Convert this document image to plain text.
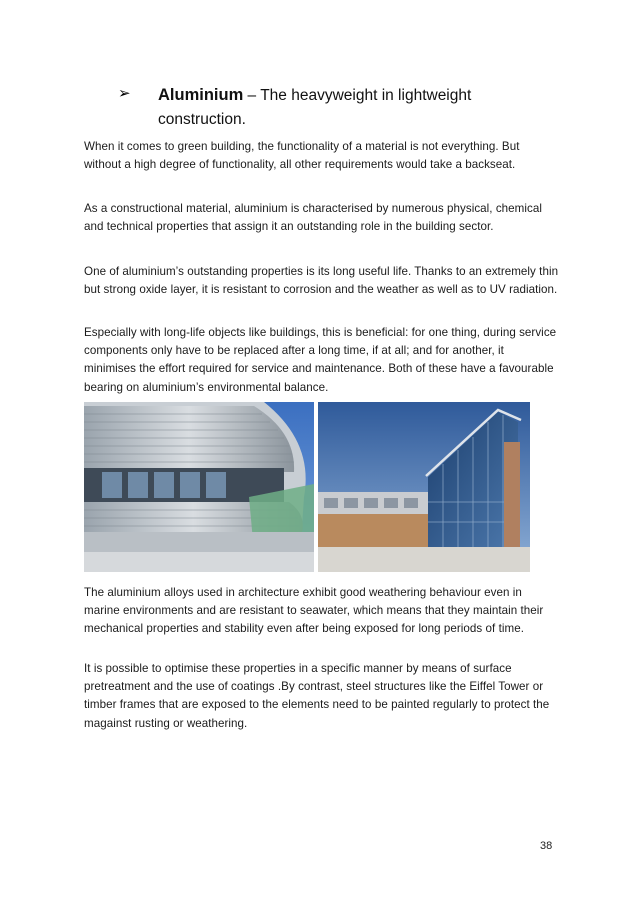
➢	Aluminium – The heavyweight in lightweight
construction.

When it comes to green building, the functionality of a material is not everything. But without a high degree of functionality, all other requirements would take a backseat.

As a constructional material, aluminium is characterised by numerous physical, chemical and technical properties that assign it an outstanding role in the building sector.

One of aluminium’s outstanding properties is its long useful life. Thanks to an extremely thin but strong oxide layer, it is resistant to corrosion and the weather as well as to UV radiation.

Especially with long-life objects like buildings, this is beneficial: for one thing, during service components only have to be replaced after a long time, if at all; and for another, it minimises the effort required for service and maintenance. Both of these have a favourable bearing on aluminium’s environmental balance.

The aluminium alloys used in architecture exhibit good weathering behaviour even in marine environments and are resistant to seawater, which means that they maintain their mechanical properties and stability even after being exposed for long periods of time.

It is possible to optimise these properties in a specific manner by means of surface pretreatment and the use of coatings .By contrast, steel structures like the Eiffel Tower or timber frames that are exposed to the elements need to be painted regularly to protect the magainst rusting or weathering.

38
